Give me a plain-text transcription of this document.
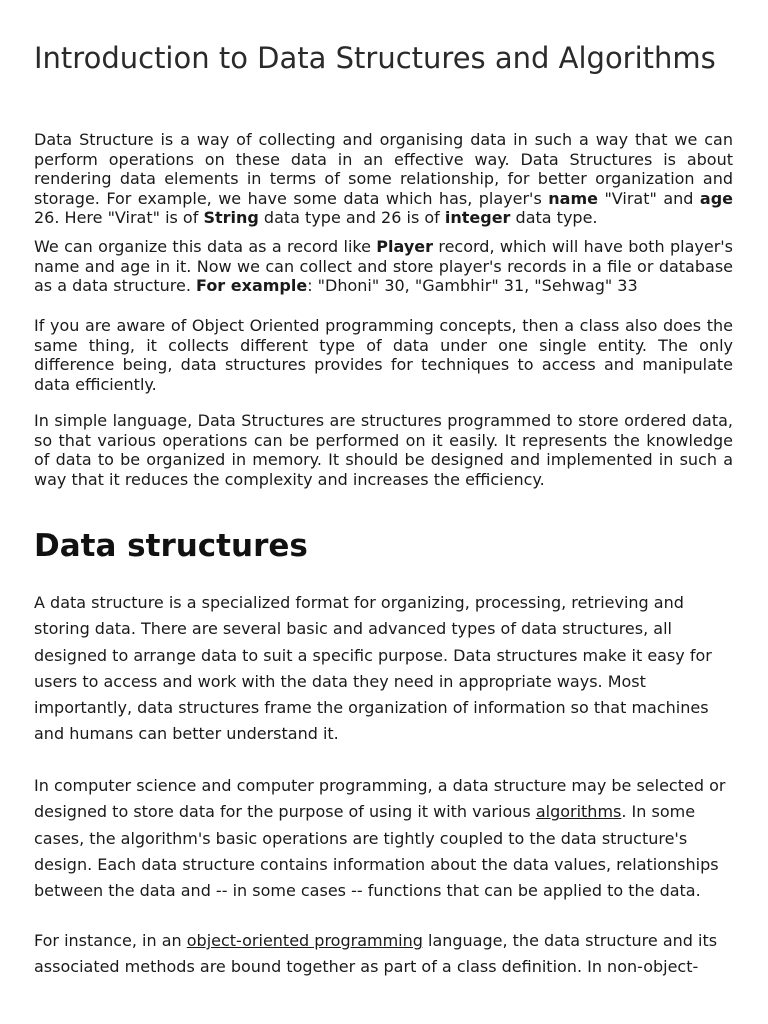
Introduction to Data Structures and Algorithms

Data Structure is a way of collecting and organising data in such a way that we can perform operations on these data in an effective way. Data Structures is about rendering data elements in terms of some relationship, for better organization and storage. For example, we have some data which has, player's name "Virat" and age 26. Here "Virat" is of String data type and 26 is of integer data type.

We can organize this data as a record like Player record, which will have both player's name and age in it. Now we can collect and store player's records in a file or database as a data structure. For example: "Dhoni" 30, "Gambhir" 31, "Sehwag" 33

If you are aware of Object Oriented programming concepts, then a class also does the same thing, it collects different type of data under one single entity. The only difference being, data structures provides for techniques to access and manipulate data efficiently.

In simple language, Data Structures are structures programmed to store ordered data, so that various operations can be performed on it easily. It represents the knowledge of data to be organized in memory. It should be designed and implemented in such a way that it reduces the complexity and increases the efficiency.

Data structures

A data structure is a specialized format for organizing, processing, retrieving and storing data. There are several basic and advanced types of data structures, all designed to arrange data to suit a specific purpose. Data structures make it easy for users to access and work with the data they need in appropriate ways. Most importantly, data structures frame the organization of information so that machines and humans can better understand it.

In computer science and computer programming, a data structure may be selected or designed to store data for the purpose of using it with various algorithms. In some cases, the algorithm's basic operations are tightly coupled to the data structure's design. Each data structure contains information about the data values, relationships between the data and -- in some cases -- functions that can be applied to the data.

For instance, in an object-oriented programming language, the data structure and its associated methods are bound together as part of a class definition. In non-object-
